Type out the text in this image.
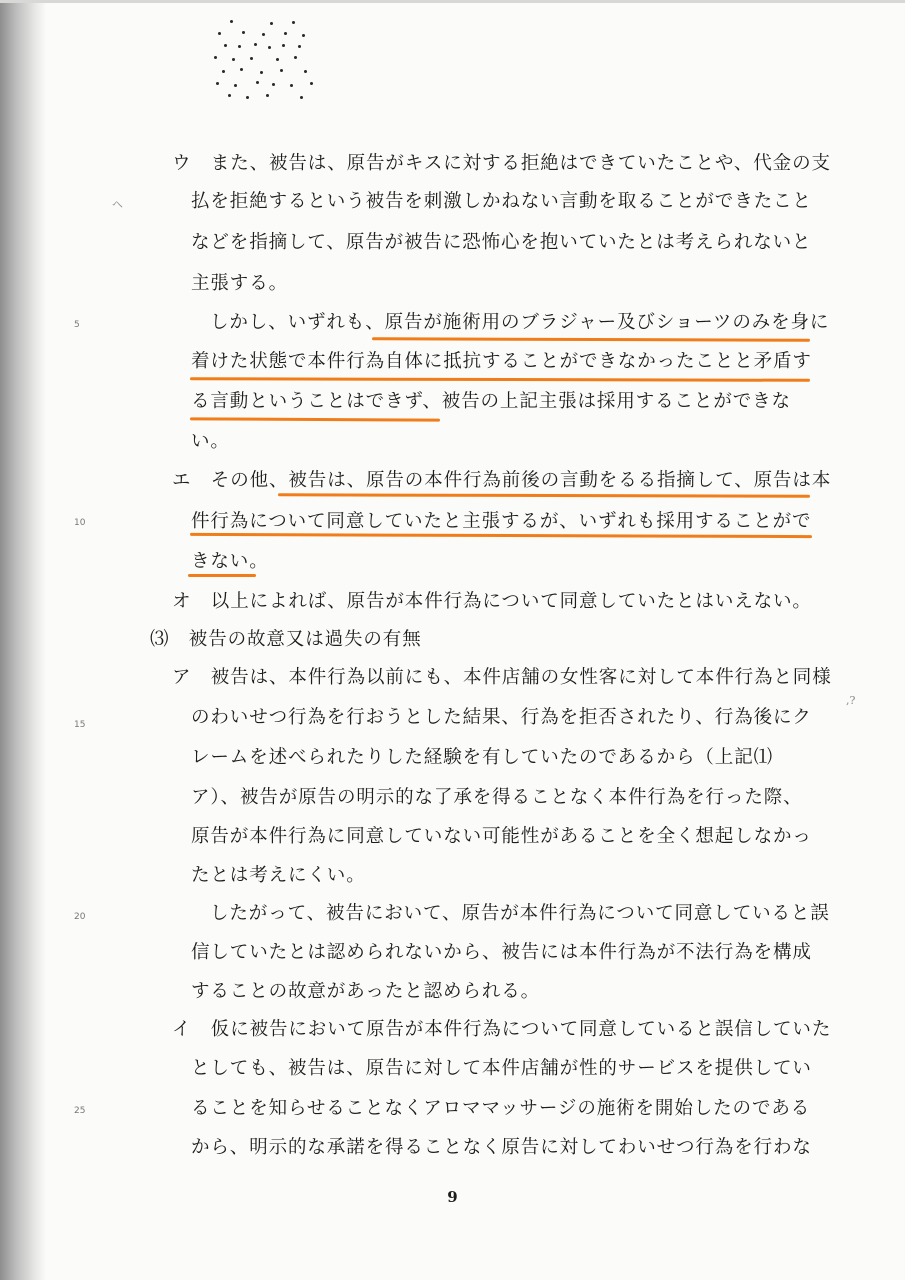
5
10
15
20
25
ウ　また、被告は、原告がキスに対する拒絶はできていたことや、代金の支
払を拒絶するという被告を刺激しかねない言動を取ることができたこと
などを指摘して、原告が被告に恐怖心を抱いていたとは考えられないと
主張する。
しかし、いずれも、原告が施術用のブラジャー及びショーツのみを身に
着けた状態で本件行為自体に抵抗することができなかったことと矛盾す
る言動ということはできず、被告の上記主張は採用することができな
い。
エ　その他、被告は、原告の本件行為前後の言動をるる指摘して、原告は本
件行為について同意していたと主張するが、いずれも採用することがで
きない。
オ　以上によれば、原告が本件行為について同意していたとはいえない。
⑶　被告の故意又は過失の有無
ア　被告は、本件行為以前にも、本件店舗の女性客に対して本件行為と同様
のわいせつ行為を行おうとした結果、行為を拒否されたり、行為後にク
レームを述べられたりした経験を有していたのであるから（上記⑴
ア）、被告が原告の明示的な了承を得ることなく本件行為を行った際、
原告が本件行為に同意していない可能性があることを全く想起しなかっ
たとは考えにくい。
したがって、被告において、原告が本件行為について同意していると誤
信していたとは認められないから、被告には本件行為が不法行為を構成
することの故意があったと認められる。
イ　仮に被告において原告が本件行為について同意していると誤信していた
としても、被告は、原告に対して本件店舗が性的サービスを提供してい
ることを知らせることなくアロママッサージの施術を開始したのである
から、明示的な承諾を得ることなく原告に対してわいせつ行為を行わな
,?
ヘ
9
